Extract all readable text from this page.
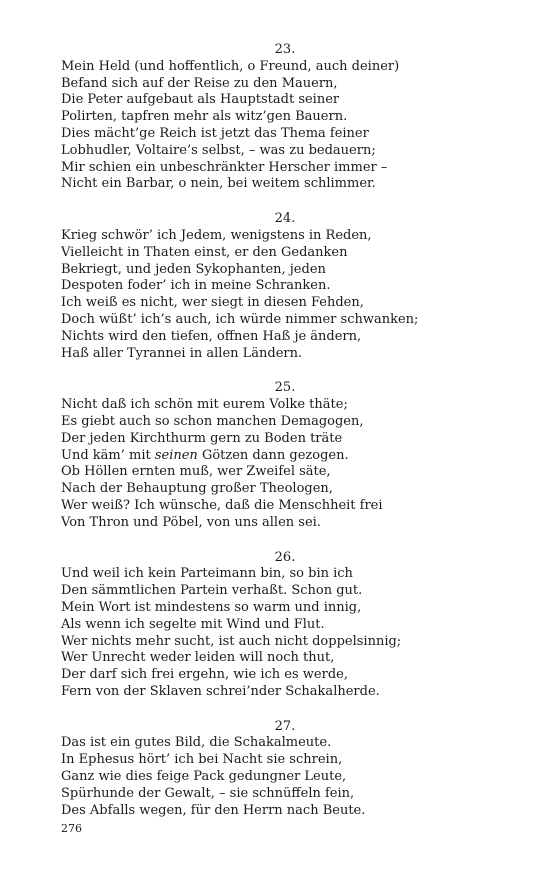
23.
Mein Held (und hoffentlich, o Freund, auch deiner)
Befand sich auf der Reise zu den Mauern,
Die Peter aufgebaut als Hauptstadt seiner
Polirten, tapfren mehr als witz’gen Bauern.
Dies mächt’ge Reich ist jetzt das Thema feiner
Lobhudler, Voltaire’s selbst, – was zu bedauern;
Mir schien ein unbeschränkter Herscher immer –
Nicht ein Barbar, o nein, bei weitem schlimmer.
24.
Krieg schwör’ ich Jedem, wenigstens in Reden,
Vielleicht in Thaten einst, er den Gedanken
Bekriegt, und jeden Sykophanten, jeden
Despoten foder’ ich in meine Schranken.
Ich weiß es nicht, wer siegt in diesen Fehden,
Doch wüßt’ ich’s auch, ich würde nimmer schwanken;
Nichts wird den tiefen, offnen Haß je ändern,
Haß aller Tyrannei in allen Ländern.
25.
Nicht daß ich schön mit eurem Volke thäte;
Es giebt auch so schon manchen Demagogen,
Der jeden Kirchthurm gern zu Boden träte
Und käm’ mit seinen Götzen dann gezogen.
Ob Höllen ernten muß, wer Zweifel säte,
Nach der Behauptung großer Theologen,
Wer weiß? Ich wünsche, daß die Menschheit frei
Von Thron und Pöbel, von uns allen sei.
26.
Und weil ich kein Parteimann bin, so bin ich
Den sämmtlichen Partein verhaßt. Schon gut.
Mein Wort ist mindestens so warm und innig,
Als wenn ich segelte mit Wind und Flut.
Wer nichts mehr sucht, ist auch nicht doppelsinnig;
Wer Unrecht weder leiden will noch thut,
Der darf sich frei ergehn, wie ich es werde,
Fern von der Sklaven schrei’nder Schakalherde.
27.
Das ist ein gutes Bild, die Schakalmeute.
In Ephesus hört’ ich bei Nacht sie schrein,
Ganz wie dies feige Pack gedungner Leute,
Spürhunde der Gewalt, – sie schnüffeln fein,
Des Abfalls wegen, für den Herrn nach Beute.
276
